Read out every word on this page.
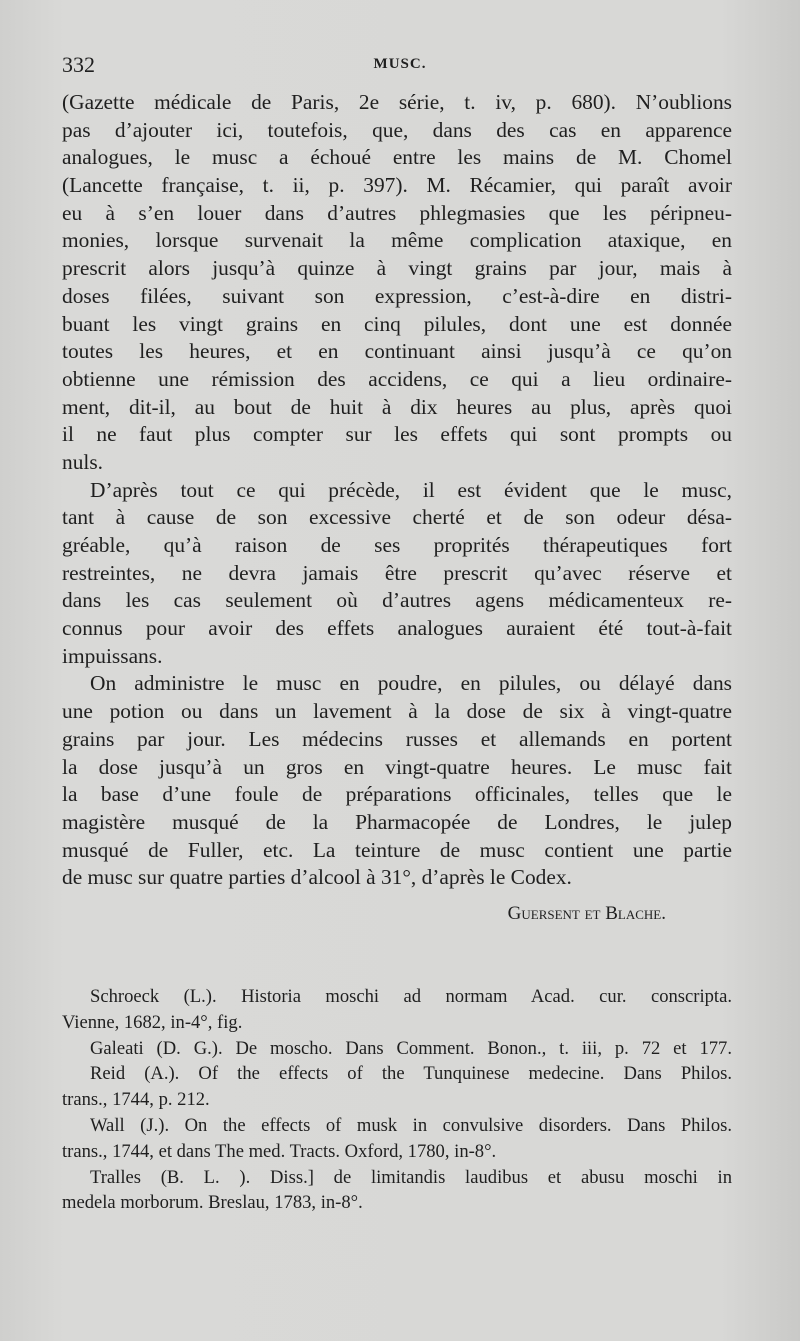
332	MUSC.
(Gazette médicale de Paris, 2e série, t. iv, p. 680). N’oublions
pas d’ajouter ici, toutefois, que, dans des cas en apparence
analogues, le musc a échoué entre les mains de M. Chomel
(Lancette française, t. ii, p. 397). M. Récamier, qui paraît avoir
eu à s’en louer dans d’autres phlegmasies que les péripneu-
monies, lorsque survenait la même complication ataxique, en
prescrit alors jusqu’à quinze à vingt grains par jour, mais à
doses filées, suivant son expression, c’est-à-dire en distri-
buant les vingt grains en cinq pilules, dont une est donnée
toutes les heures, et en continuant ainsi jusqu’à ce qu’on
obtienne une rémission des accidens, ce qui a lieu ordinaire-
ment, dit-il, au bout de huit à dix heures au plus, après quoi
il ne faut plus compter sur les effets qui sont prompts ou
nuls.
D’après tout ce qui précède, il est évident que le musc,
tant à cause de son excessive cherté et de son odeur désa-
gréable, qu’à raison de ses proprités thérapeutiques fort
restreintes, ne devra jamais être prescrit qu’avec réserve et
dans les cas seulement où d’autres agens médicamenteux re-
connus pour avoir des effets analogues auraient été tout-à-fait
impuissans.
On administre le musc en poudre, en pilules, ou délayé dans
une potion ou dans un lavement à la dose de six à vingt-quatre
grains par jour. Les médecins russes et allemands en portent
la dose jusqu’à un gros en vingt-quatre heures. Le musc fait
la base d’une foule de préparations officinales, telles que le
magistère musqué de la Pharmacopée de Londres, le julep
musqué de Fuller, etc. La teinture de musc contient une partie
de musc sur quatre parties d’alcool à 31°, d’après le Codex.
Guersent et Blache.
Schroeck (L.). Historia moschi ad normam Acad. cur. conscripta.
Vienne, 1682, in-4°, fig.
Galeati (D. G.). De moscho. Dans Comment. Bonon., t. iii, p. 72 et 177.
Reid (A.). Of the effects of the Tunquinese medecine. Dans Philos.
trans., 1744, p. 212.
Wall (J.). On the effects of musk in convulsive disorders. Dans Philos.
trans., 1744, et dans The med. Tracts. Oxford, 1780, in-8°.
Tralles (B. L. ). Diss.] de limitandis laudibus et abusu moschi in
medela morborum. Breslau, 1783, in-8°.
